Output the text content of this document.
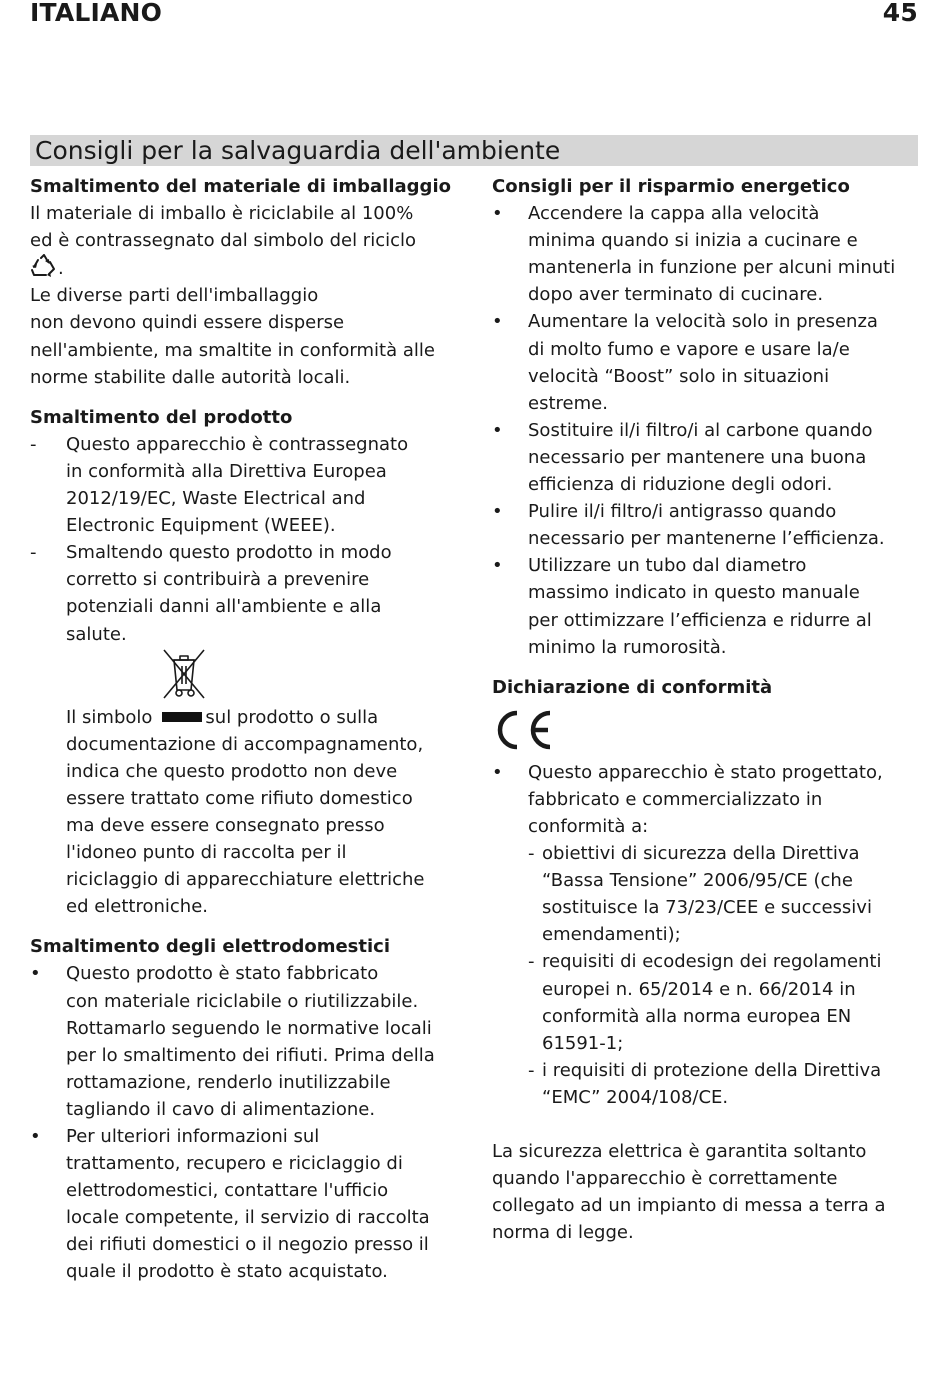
ITALIANO	45
Consigli per la salvaguardia dell'ambiente
Smaltimento del materiale di imballaggio

Il materiale di imballo è riciclabile al 100%

ed è contrassegnato dal simbolo del riciclo

.

Le diverse parti dell'imballaggio

non devono quindi essere disperse

nell'ambiente, ma smaltite in conformità alle

norme stabilite dalle autorità locali.

Smaltimento del prodotto
-	Questo apparecchio è contrassegnato

in conformità alla Direttiva Europea

2012/19/EC, Waste Electrical and

Electronic Equipment (WEEE).

-	Smaltendo questo prodotto in modo

corretto si contribuirà a prevenire

potenziali danni all'ambiente e alla

salute.

Il simbolo	sul prodotto o sulla

documentazione di accompagnamento,

indica che questo prodotto non deve

essere trattato come rifiuto domestico

ma deve essere consegnato presso

l'idoneo punto di raccolta per il

riciclaggio di apparecchiature elettriche

ed elettroniche.

Smaltimento degli elettrodomestici
•	Questo prodotto è stato fabbricato

con materiale riciclabile o riutilizzabile.

Rottamarlo seguendo le normative locali

per lo smaltimento dei rifiuti. Prima della

rottamazione, renderlo inutilizzabile

tagliando il cavo di alimentazione.

•	Per ulteriori informazioni sul

trattamento, recupero e riciclaggio di

elettrodomestici, contattare l'ufficio

locale competente, il servizio di raccolta

dei rifiuti domestici o il negozio presso il

quale il prodotto è stato acquistato.

Consigli per il risparmio energetico
•	Accendere la cappa alla velocità

minima quando si inizia a cucinare e

mantenerla in funzione per alcuni minuti

dopo aver terminato di cucinare.

•	Aumentare la velocità solo in presenza

di molto fumo e vapore e usare la/e

velocità “Boost” solo in situazioni

estreme.

•	Sostituire il/i filtro/i al carbone quando

necessario per mantenere una buona

efficienza di riduzione degli odori.

•	Pulire il/i filtro/i antigrasso quando

necessario per mantenerne l’efficienza.

•	Utilizzare un tubo dal diametro

massimo indicato in questo manuale

per ottimizzare l’efficienza e ridurre al

minimo la rumorosità.

Dichiarazione di conformità
•	Questo apparecchio è stato progettato,

fabbricato e commercializzato in

conformità a:

- obiettivi di sicurezza della Direttiva

“Bassa Tensione” 2006/95/CE (che

sostituisce la 73/23/CEE e successivi

emendamenti);

- requisiti di ecodesign dei regolamenti

europei n. 65/2014 e n. 66/2014 in

conformità alla norma europea EN

61591-1;

- i requisiti di protezione della Direttiva

“EMC” 2004/108/CE.

La sicurezza elettrica è garantita soltanto

quando l'apparecchio è correttamente

collegato ad un impianto di messa a terra a

norma di legge.
